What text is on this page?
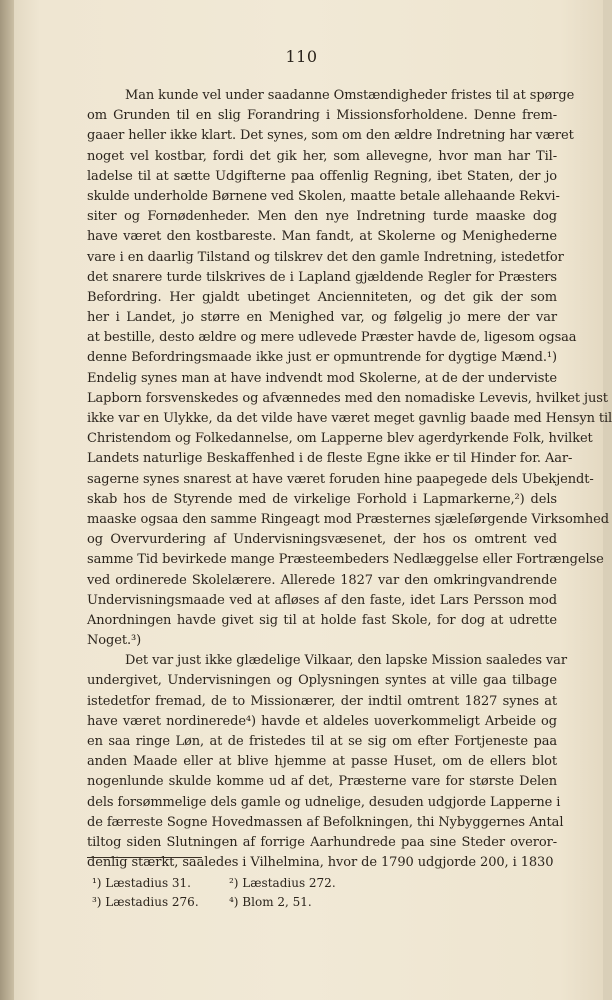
110
Man kunde vel under saadanne Omstændigheder fristes til at spørge
om Grunden til en slig Forandring i Missionsforholdene. Denne frem-
gaaer heller ikke klart. Det synes, som om den ældre Indretning har været
noget vel kostbar, fordi det gik her, som allevegne, hvor man har Til-
ladelse til at sætte Udgifterne paa offenlig Regning, ibet Staten, der jo
skulde underholde Børnene ved Skolen, maatte betale allehaande Rekvi-
siter og Fornødenheder. Men den nye Indretning turde maaske dog
have været den kostbareste. Man fandt, at Skolerne og Menighederne
vare i en daarlig Tilstand og tilskrev det den gamle Indretning, istedetfor
det snarere turde tilskrives de i Lapland gjældende Regler for Præsters
Befordring. Her gjaldt ubetinget Ancienniteten, og det gik der som
her i Landet, jo større en Menighed var, og følgelig jo mere der var
at bestille, desto ældre og mere udlevede Præster havde de, ligesom ogsaa
denne Befordringsmaade ikke just er opmuntrende for dygtige Mænd.¹)
Endelig synes man at have indvendt mod Skolerne, at de der underviste
Lapborn forsvenskedes og afvænnedes med den nomadiske Levevis, hvilket just
ikke var en Ulykke, da det vilde have været meget gavnlig baade med Hensyn til
Christendom og Folkedannelse, om Lapperne blev agerdyrkende Folk, hvilket
Landets naturlige Beskaffenhed i de fleste Egne ikke er til Hinder for. Aar-
sagerne synes snarest at have været foruden hine paapegede dels Ubekjendt-
skab hos de Styrende med de virkelige Forhold i Lapmarkerne,²) dels
maaske ogsaa den samme Ringeagt mod Præsternes sjæleſørgende Virksomhed
og Overvurdering af Undervisningsvæsenet, der hos os omtrent ved
samme Tid bevirkede mange Præsteembeders Nedlæggelse eller Fortrængelse
ved ordinerede Skolelærere. Allerede 1827 var den omkringvandrende
Undervisningsmaade ved at afløses af den faste, idet Lars Persson mod
Anordningen havde givet sig til at holde fast Skole, for dog at udrette
Noget.³)
Det var just ikke glædelige Vilkaar, den lapske Mission saaledes var
undergivet, Undervisningen og Oplysningen syntes at ville gaa tilbage
istedetfor fremad, de to Missionærer, der indtil omtrent 1827 synes at
have været nordinerede⁴) havde et aldeles uoverkommeligt Arbeide og
en saa ringe Løn, at de fristedes til at se sig om efter Fortjeneste paa
anden Maade eller at blive hjemme at passe Huset, om de ellers blot
nogenlunde skulde komme ud af det, Præsterne vare for største Delen
dels forsømmelige dels gamle og udnelige, desuden udgjorde Lapperne i
de færreste Sogne Hovedmassen af Befolkningen, thi Nybyggernes Antal
tiltog siden Slutningen af forrige Aarhundrede paa sine Steder overor-
denlig stærkt, saaledes i Vilhelmina, hvor de 1790 udgjorde 200, i 1830
¹) Læstadius 31.	²) Læstadius 272.
³) Læstadius 276.	⁴) Blom 2, 51.
